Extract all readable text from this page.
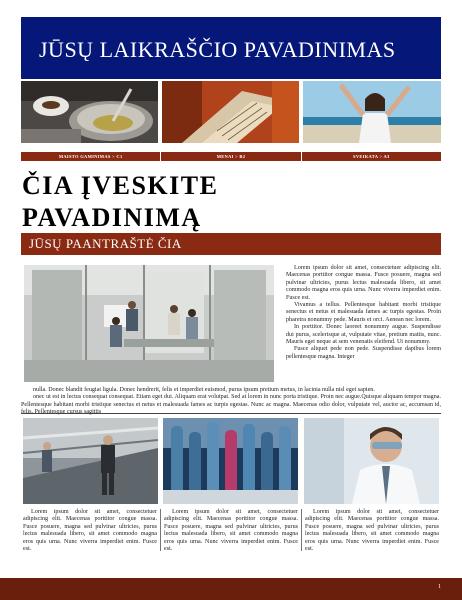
JŪSŲ LAIKRAŠČIO PAVADINIMAS
MAISTO GAMINIMAS > C1	MENAI > B2	SVEIKATA > A3
ČIA ĮVESKITE
PAVADINIMĄ
JŪSŲ PAANTRAŠTĖ ČIA

Lorem ipsum dolor sit amet, consectetuer adipiscing elit. Maecenas porttitor congue massa. Fusce posuere, magna sed pulvinar ultricies, purus lectus malesuada libero, sit amet commodo magna eros quis urna. Nunc viverra imperdiet enim. Fusce est.

Vivamus a tellus. Pellentesque habitant morbi tristique senectus et netus et malesuada fames ac turpis egestas. Proin pharetra nonummy pede. Mauris et orci. Aenean nec lorem.

In porttitor. Donec laoreet nonummy augue. Suspendisse dui purus, scelerisque at, vulputate vitae, pretium mattis, nunc. Mauris eget neque at sem venenatis eleifend. Ut nonummy.

Fusce aliquet pede non pede. Suspendisse dapibus lorem pellentesque magna. Integer

nulla. Donec blandit feugiat ligula. Donec hendrerit, felis et imperdiet euismod, purus ipsum pretium metus, in lacinia nulla nisl eget sapien.

onec ut est in lectus consequat consequat. Etiam eget dui. Aliquam erat volutpat. Sed at lorem in nunc porta tristique. Proin nec augue.Quisque aliquam tempor magna. Pellentesque habitant morbi tristique senectus et netus et malesuada fames ac turpis egestas. Nunc ac magna. Maecenas odio dolor, vulputate vel, auctor ac, accumsan id,

Lorem ipsum dolor sit amet, consectetuer adipiscing elit. Maecenas porttitor congue massa. Fusce posuere, magna sed pulvinar ultricies, purus lectus malesuada libero, sit amet commodo magna eros quis urna. Nunc viverra imperdiet enim. Fusce est.

Lorem ipsum dolor sit amet, consectetuer adipiscing elit. Maecenas porttitor congue massa. Fusce posuere, magna sed pulvinar ultricies, purus lectus malesuada libero, sit amet commodo magna eros quis urna. Nunc viverra imperdiet enim. Fusce est.

Lorem ipsum dolor sit amet, consectetuer adipiscing elit. Maecenas porttitor congue massa. Fusce posuere, magna sed pulvinar ultricies, purus lectus malesuada libero, sit amet commodo magna eros quis urna. Nunc viverra imperdiet enim. Fusce est.

1
